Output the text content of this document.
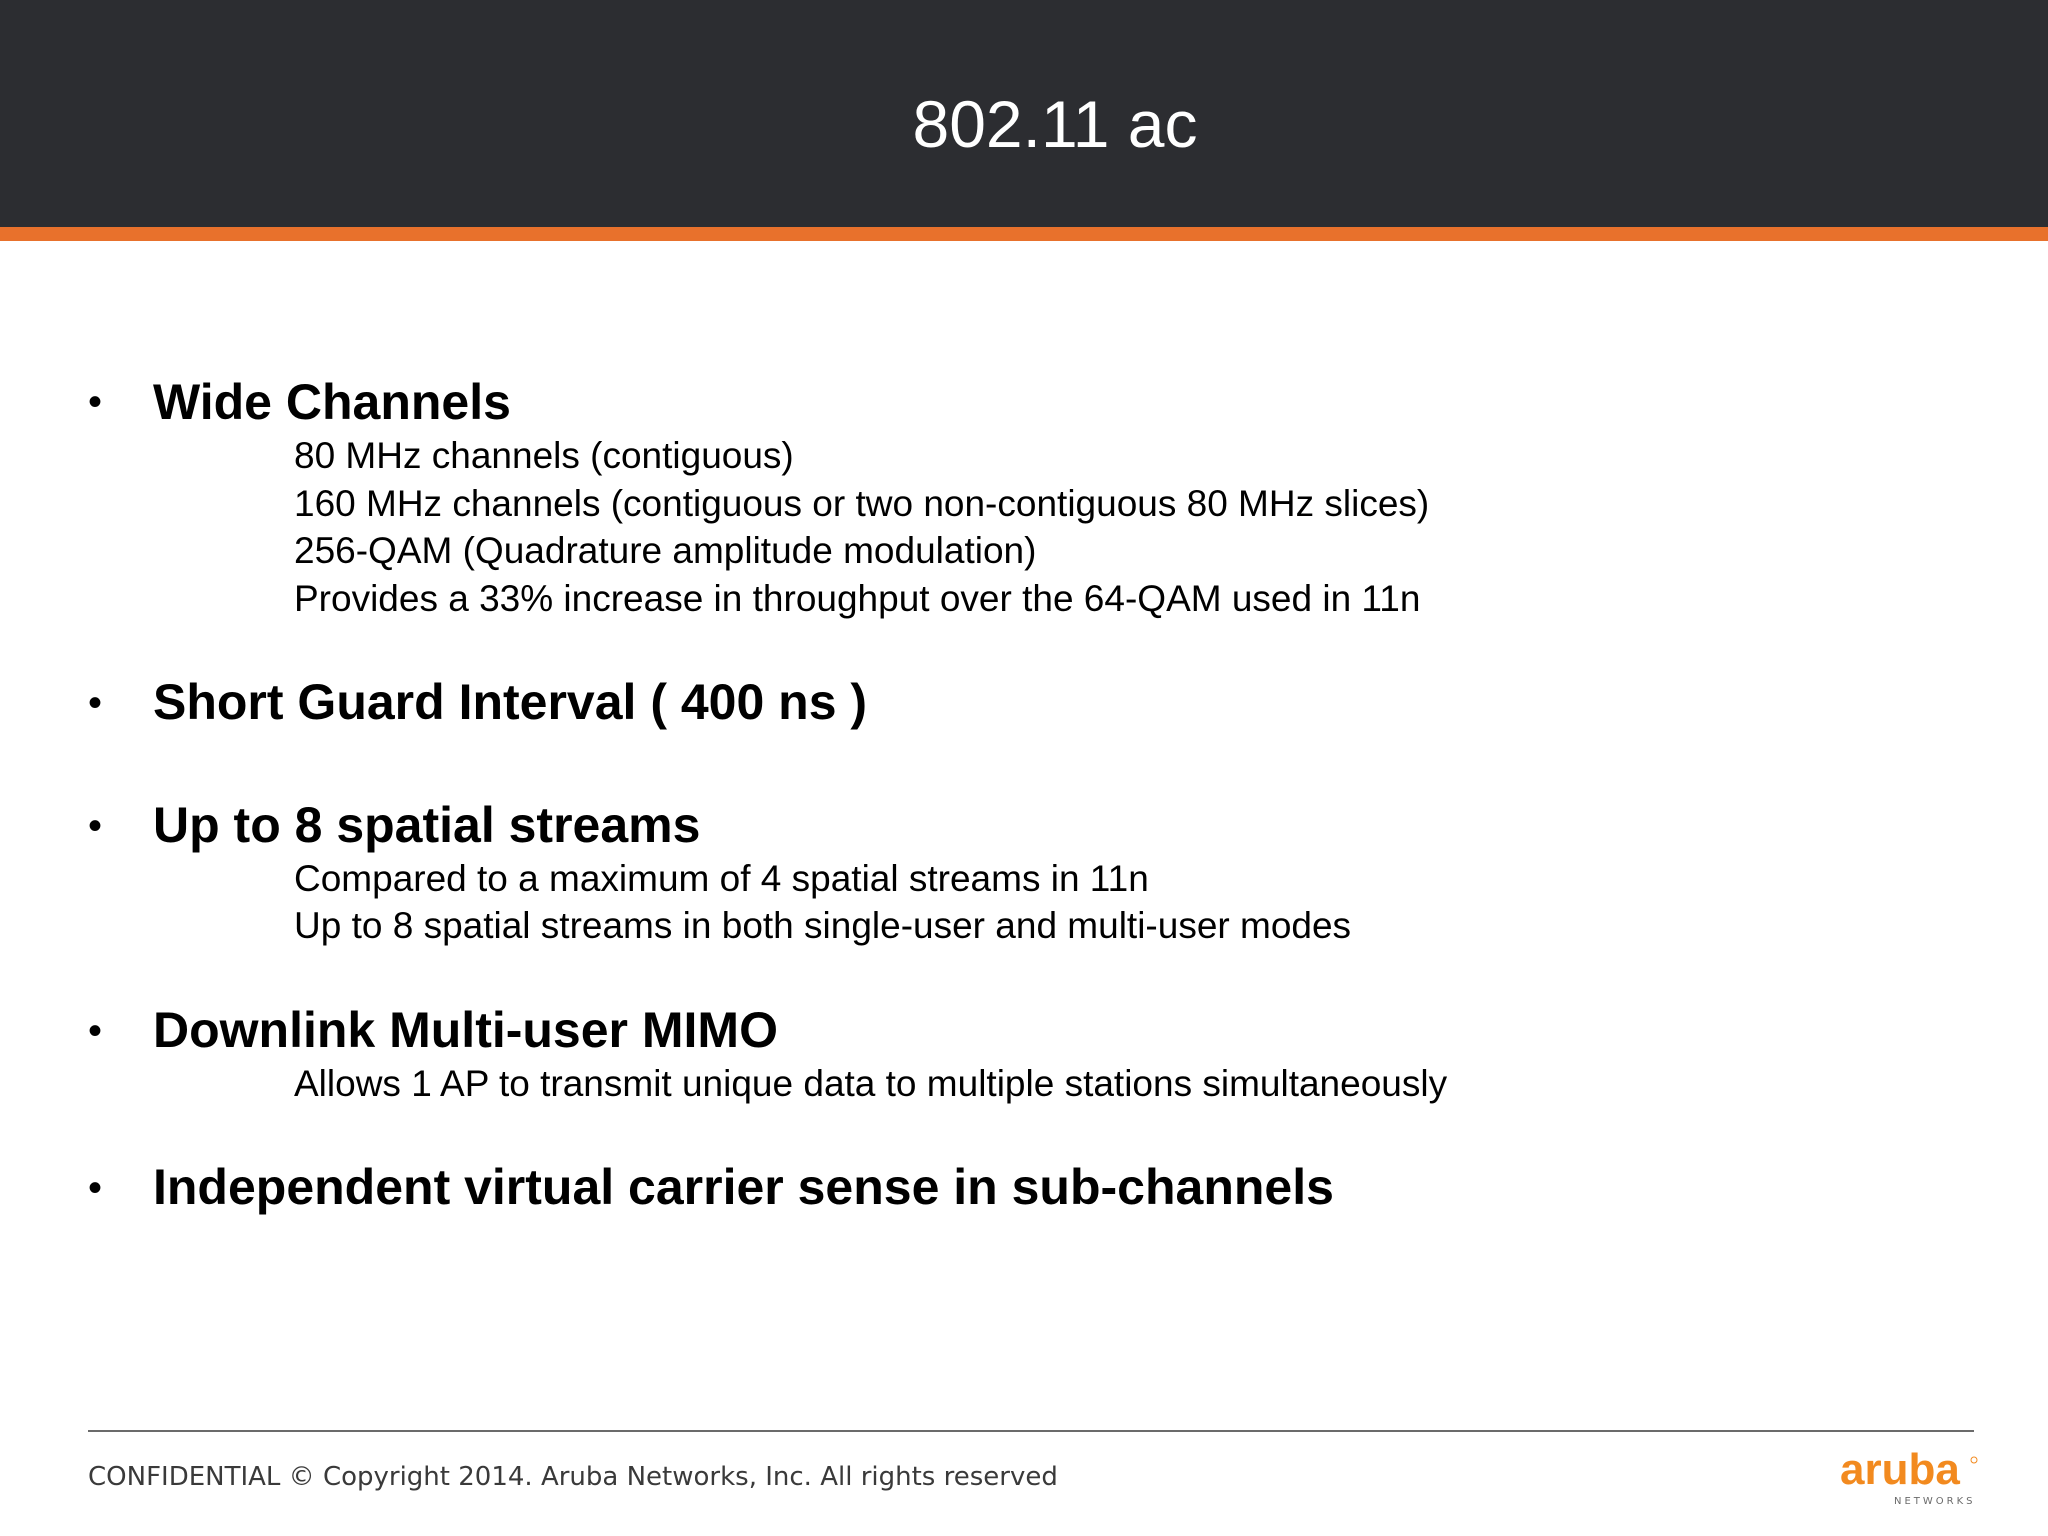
802.11 ac
• Wide Channels
80 MHz channels (contiguous)
160 MHz channels (contiguous or two non-contiguous 80 MHz slices)
256-QAM (Quadrature amplitude modulation)
Provides a 33% increase in throughput over the 64-QAM used in 11n
• Short Guard Interval ( 400 ns )
• Up to 8 spatial streams
Compared to a maximum of 4 spatial streams in 11n
Up to 8 spatial streams in both single-user and multi-user modes
• Downlink Multi-user MIMO
Allows 1 AP to transmit unique data to multiple stations simultaneously
• Independent virtual carrier sense in sub-channels
CONFIDENTIAL © Copyright 2014. Aruba Networks, Inc. All rights reserved	aruba
NETWORKS
